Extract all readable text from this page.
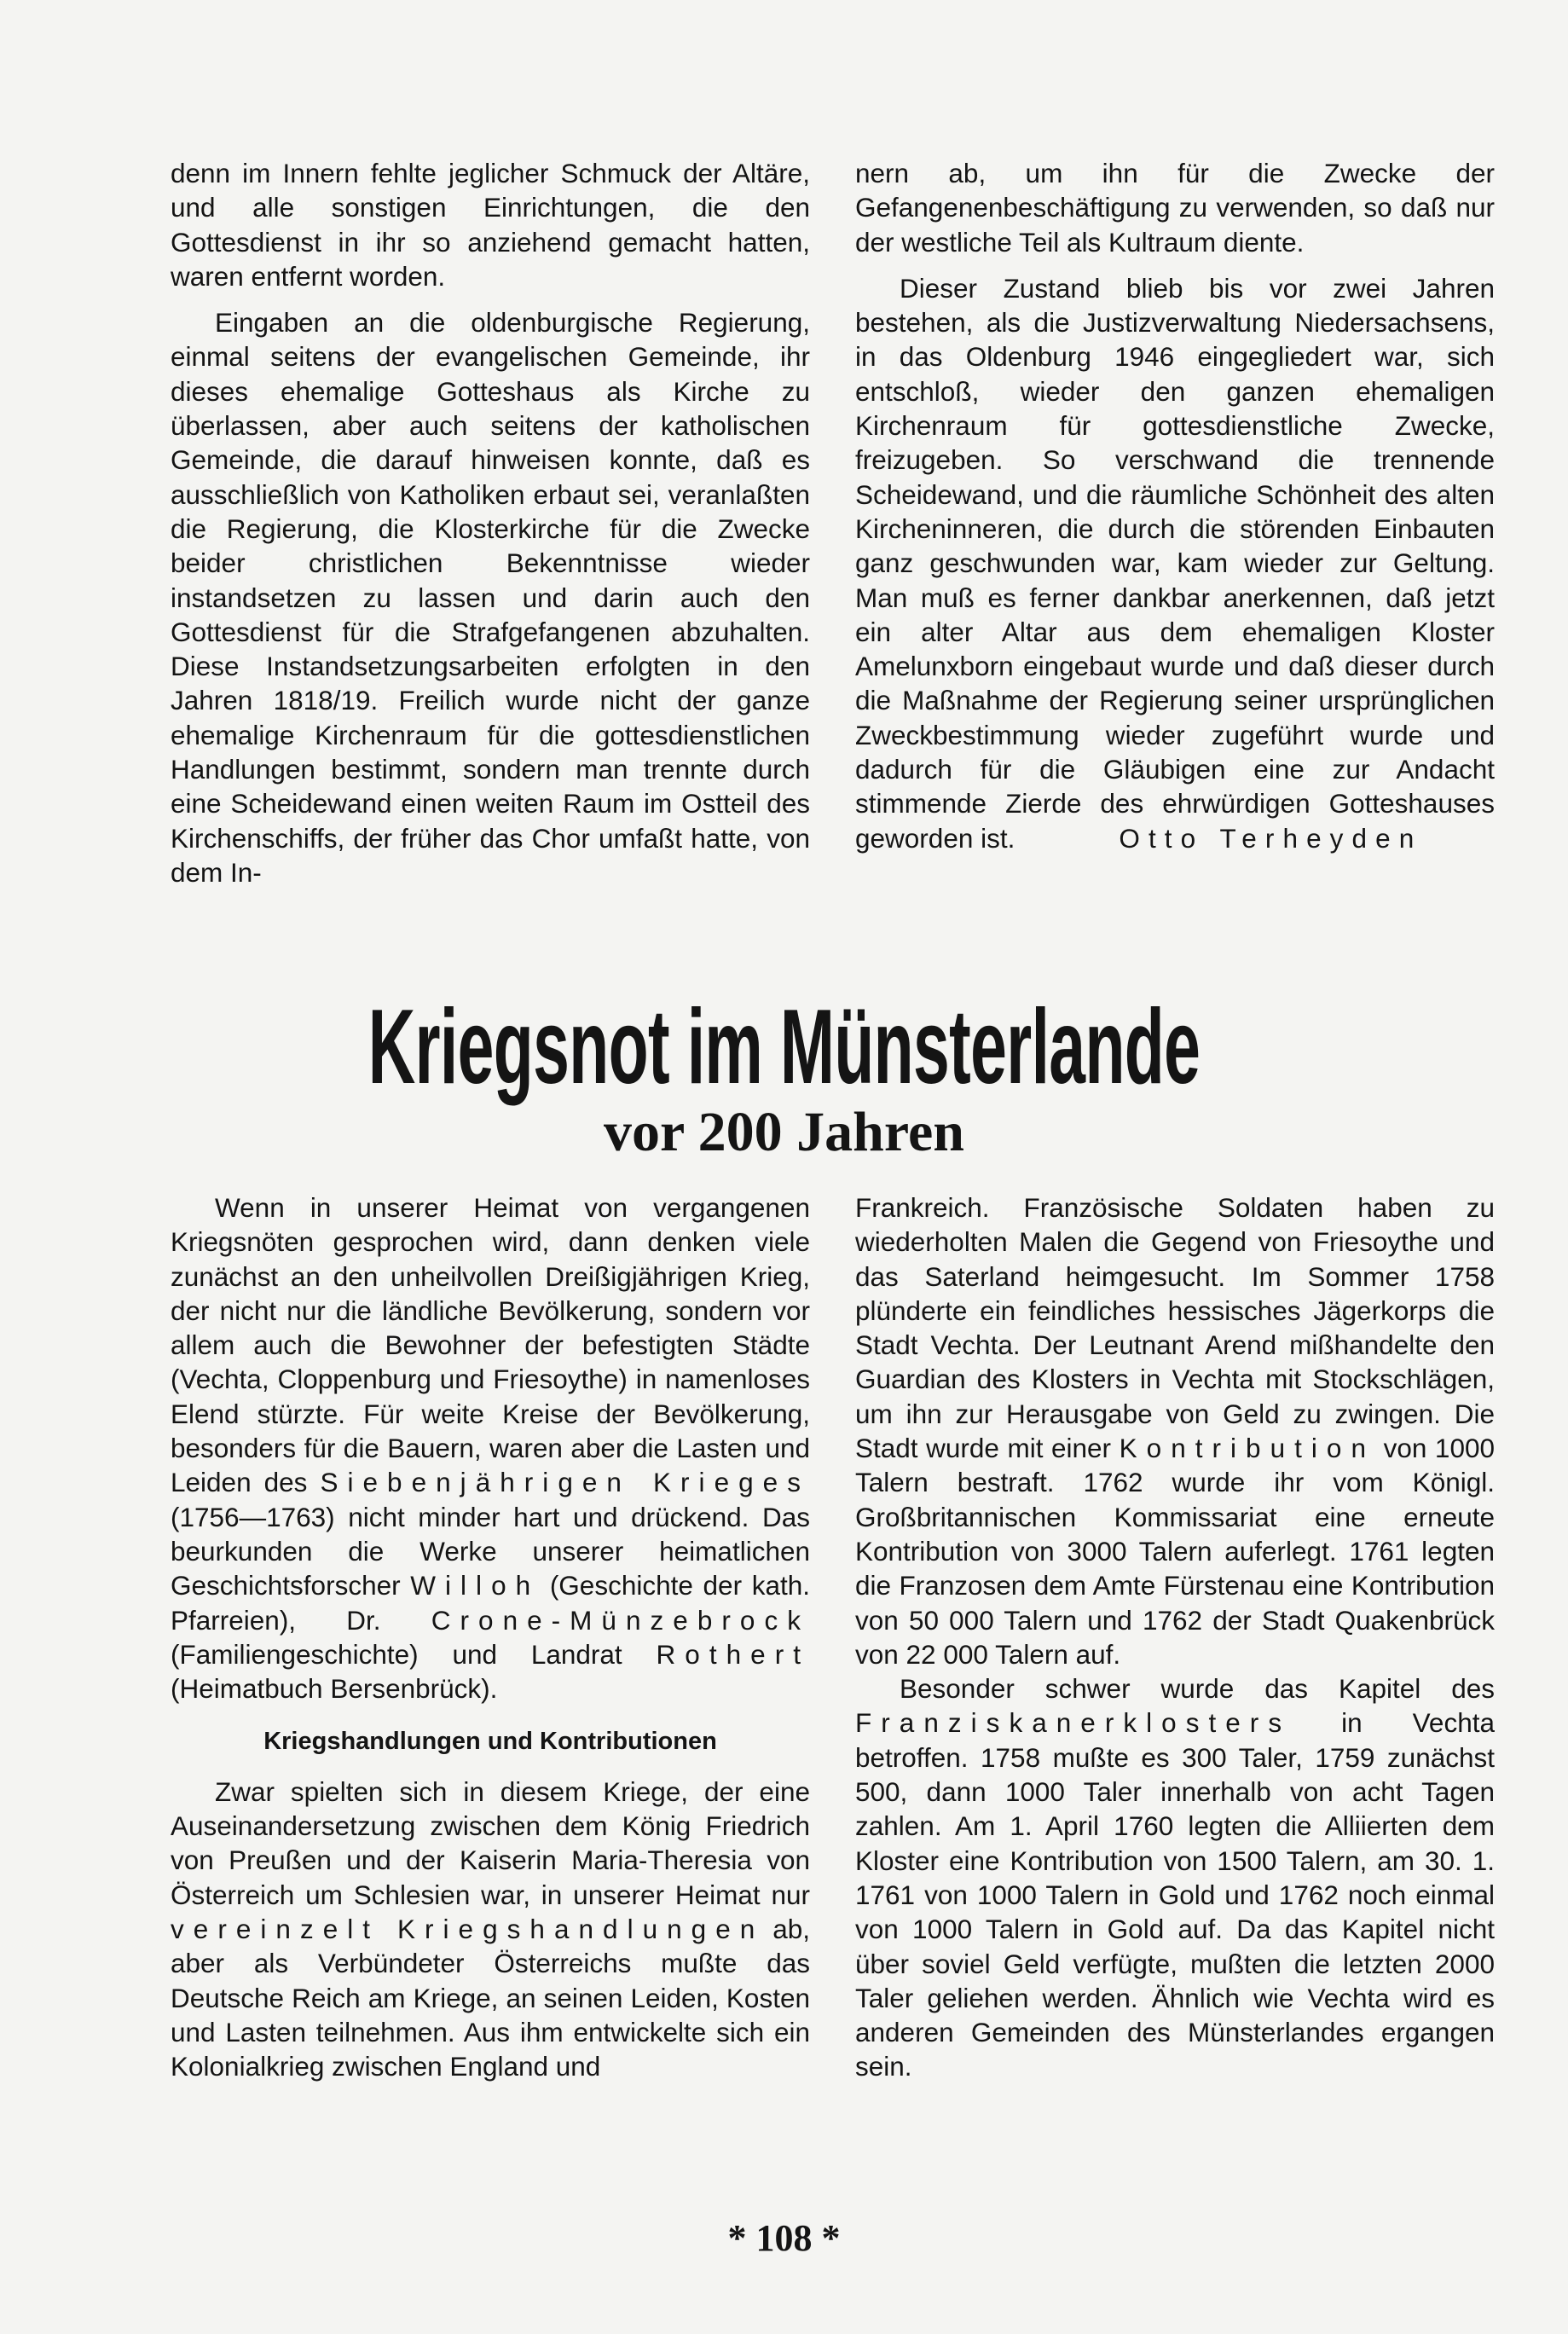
denn im Innern fehlte jeglicher Schmuck der Altäre, und alle sonstigen Einrichtungen, die den Gottesdienst in ihr so anziehend gemacht hatten, waren entfernt worden.

Eingaben an die oldenburgische Regierung, einmal seitens der evangelischen Gemeinde, ihr dieses ehemalige Gotteshaus als Kirche zu überlassen, aber auch seitens der katholischen Gemeinde, die darauf hinweisen konnte, daß es ausschließlich von Katholiken erbaut sei, veranlaßten die Regierung, die Klosterkirche für die Zwecke beider christlichen Bekenntnisse wieder instandsetzen zu lassen und darin auch den Gottesdienst für die Strafgefangenen abzuhalten. Diese Instandsetzungsarbeiten erfolgten in den Jahren 1818/19. Freilich wurde nicht der ganze ehemalige Kirchenraum für die gottesdienstlichen Handlungen bestimmt, sondern man trennte durch eine Scheidewand einen weiten Raum im Ostteil des Kirchenschiffs, der früher das Chor umfaßt hatte, von dem In-

nern ab, um ihn für die Zwecke der Gefangenenbeschäftigung zu verwenden, so daß nur der westliche Teil als Kultraum diente.

Dieser Zustand blieb bis vor zwei Jahren bestehen, als die Justizverwaltung Niedersachsens, in das Oldenburg 1946 eingegliedert war, sich entschloß, wieder den ganzen ehemaligen Kirchenraum für gottesdienstliche Zwecke, freizugeben. So verschwand die trennende Scheidewand, und die räumliche Schönheit des alten Kircheninneren, die durch die störenden Einbauten ganz geschwunden war, kam wieder zur Geltung. Man muß es ferner dankbar anerkennen, daß jetzt ein alter Altar aus dem ehemaligen Kloster Amelunxborn eingebaut wurde und daß dieser durch die Maßnahme der Regierung seiner ursprünglichen Zweckbestimmung wieder zugeführt wurde und dadurch für die Gläubigen eine zur Andacht stimmende Zierde des ehrwürdigen Gotteshauses geworden ist.	Otto Terheyden

Kriegsnot im Münsterlande
vor 200 Jahren

Wenn in unserer Heimat von vergangenen Kriegsnöten gesprochen wird, dann denken viele zunächst an den unheilvollen Dreißigjährigen Krieg, der nicht nur die ländliche Bevölkerung, sondern vor allem auch die Bewohner der befestigten Städte (Vechta, Cloppenburg und Friesoythe) in namenloses Elend stürzte. Für weite Kreise der Bevölkerung, besonders für die Bauern, waren aber die Lasten und Leiden des Siebenjährigen Krieges (1756—1763) nicht minder hart und drückend. Das beurkunden die Werke unserer heimatlichen Geschichtsforscher Willoh (Geschichte der kath. Pfarreien), Dr. Crone-Münzebrock (Familiengeschichte) und Landrat Rothert (Heimatbuch Bersenbrück).

Kriegshandlungen und Kontributionen

Zwar spielten sich in diesem Kriege, der eine Auseinandersetzung zwischen dem König Friedrich von Preußen und der Kaiserin Maria-Theresia von Österreich um Schlesien war, in unserer Heimat nur vereinzelt Kriegshandlungen ab, aber als Verbündeter Österreichs mußte das Deutsche Reich am Kriege, an seinen Leiden, Kosten und Lasten teilnehmen. Aus ihm entwickelte sich ein Kolonialkrieg zwischen England und

Frankreich. Französische Soldaten haben zu wiederholten Malen die Gegend von Friesoythe und das Saterland heimgesucht. Im Sommer 1758 plünderte ein feindliches hessisches Jägerkorps die Stadt Vechta. Der Leutnant Arend mißhandelte den Guardian des Klosters in Vechta mit Stockschlägen, um ihn zur Herausgabe von Geld zu zwingen. Die Stadt wurde mit einer Kontribution von 1000 Talern bestraft. 1762 wurde ihr vom Königl. Großbritannischen Kommissariat eine erneute Kontribution von 3000 Talern auferlegt. 1761 legten die Franzosen dem Amte Fürstenau eine Kontribution von 50 000 Talern und 1762 der Stadt Quakenbrück von 22 000 Talern auf.

Besonder schwer wurde das Kapitel des Franziskanerklosters in Vechta betroffen. 1758 mußte es 300 Taler, 1759 zunächst 500, dann 1000 Taler innerhalb von acht Tagen zahlen. Am 1. April 1760 legten die Alliierten dem Kloster eine Kontribution von 1500 Talern, am 30. 1. 1761 von 1000 Talern in Gold und 1762 noch einmal von 1000 Talern in Gold auf. Da das Kapitel nicht über soviel Geld verfügte, mußten die letzten 2000 Taler geliehen werden. Ähnlich wie Vechta wird es anderen Gemeinden des Münsterlandes ergangen sein.

* 108 *
